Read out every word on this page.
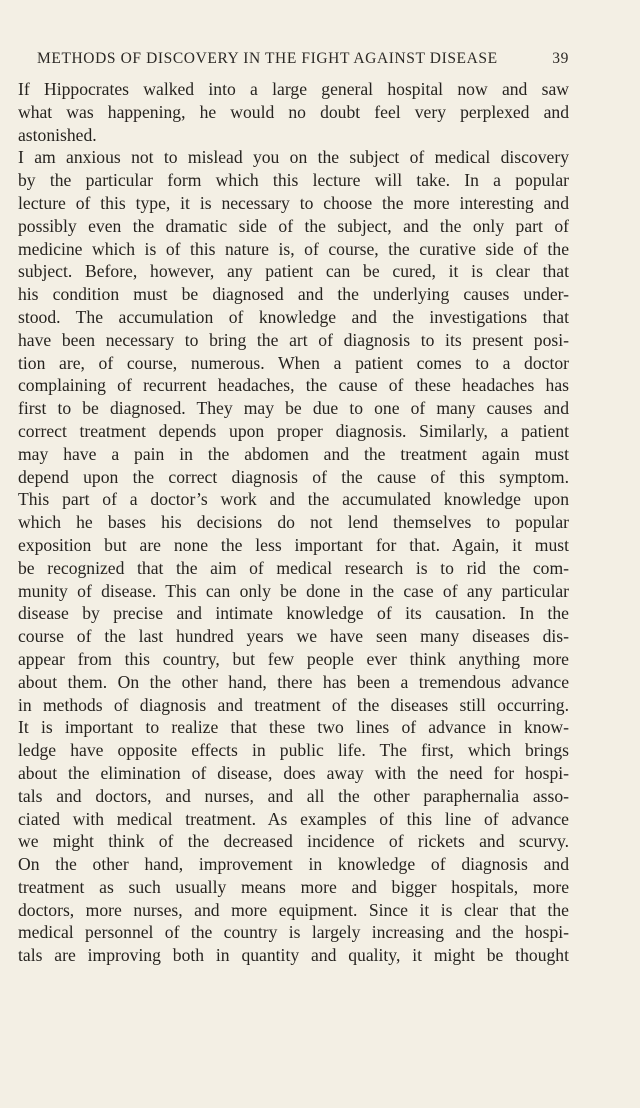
METHODS OF DISCOVERY IN THE FIGHT AGAINST DISEASE	39
If Hippocrates walked into a large general hospital now and saw
what was happening, he would no doubt feel very perplexed and
astonished.
I am anxious not to mislead you on the subject of medical discovery
by the particular form which this lecture will take. In a popular
lecture of this type, it is necessary to choose the more interesting and
possibly even the dramatic side of the subject, and the only part of
medicine which is of this nature is, of course, the curative side of the
subject. Before, however, any patient can be cured, it is clear that
his condition must be diagnosed and the underlying causes under-
stood. The accumulation of knowledge and the investigations that
have been necessary to bring the art of diagnosis to its present posi-
tion are, of course, numerous. When a patient comes to a doctor
complaining of recurrent headaches, the cause of these headaches has
first to be diagnosed. They may be due to one of many causes and
correct treatment depends upon proper diagnosis. Similarly, a patient
may have a pain in the abdomen and the treatment again must
depend upon the correct diagnosis of the cause of this symptom.
This part of a doctor’s work and the accumulated knowledge upon
which he bases his decisions do not lend themselves to popular
exposition but are none the less important for that. Again, it must
be recognized that the aim of medical research is to rid the com-
munity of disease. This can only be done in the case of any particular
disease by precise and intimate knowledge of its causation. In the
course of the last hundred years we have seen many diseases dis-
appear from this country, but few people ever think anything more
about them. On the other hand, there has been a tremendous advance
in methods of diagnosis and treatment of the diseases still occurring.
It is important to realize that these two lines of advance in know-
ledge have opposite effects in public life. The first, which brings
about the elimination of disease, does away with the need for hospi-
tals and doctors, and nurses, and all the other paraphernalia asso-
ciated with medical treatment. As examples of this line of advance
we might think of the decreased incidence of rickets and scurvy.
On the other hand, improvement in knowledge of diagnosis and
treatment as such usually means more and bigger hospitals, more
doctors, more nurses, and more equipment. Since it is clear that the
medical personnel of the country is largely increasing and the hospi-
tals are improving both in quantity and quality, it might be thought
